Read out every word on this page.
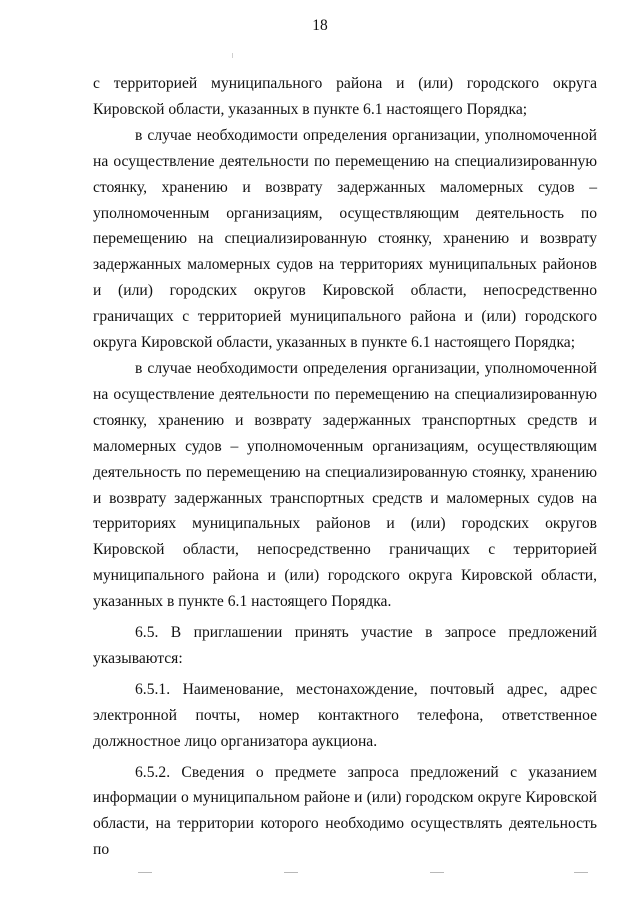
18

с территорией муниципального района и (или) городского округа Кировской области, указанных в пункте 6.1 настоящего Порядка;

в случае необходимости определения организации, уполномоченной на осуществление деятельности по перемещению на специализированную стоянку, хранению и возврату задержанных маломерных судов – уполномоченным организациям, осуществляющим деятельность по перемещению на специализированную стоянку, хранению и возврату задержанных маломерных судов на территориях муниципальных районов и (или) городских округов Кировской области, непосредственно граничащих с территорией муниципального района и (или) городского округа Кировской области, указанных в пункте 6.1 настоящего Порядка;

в случае необходимости определения организации, уполномоченной на осуществление деятельности по перемещению на специализированную стоянку, хранению и возврату задержанных транспортных средств и маломерных судов – уполномоченным организациям, осуществляющим деятельность по перемещению на специализированную стоянку, хранению и возврату задержанных транспортных средств и маломерных судов на территориях муниципальных районов и (или) городских округов Кировской области, непосредственно граничащих с территорией муниципального района и (или) городского округа Кировской области, указанных в пункте 6.1 настоящего Порядка.

6.5. В приглашении принять участие в запросе предложений указываются:

6.5.1. Наименование, местонахождение, почтовый адрес, адрес электронной почты, номер контактного телефона, ответственное должностное лицо организатора аукциона.

6.5.2. Сведения о предмете запроса предложений с указанием информации о муниципальном районе и (или) городском округе Кировской области, на территории которого необходимо осуществлять деятельность по
